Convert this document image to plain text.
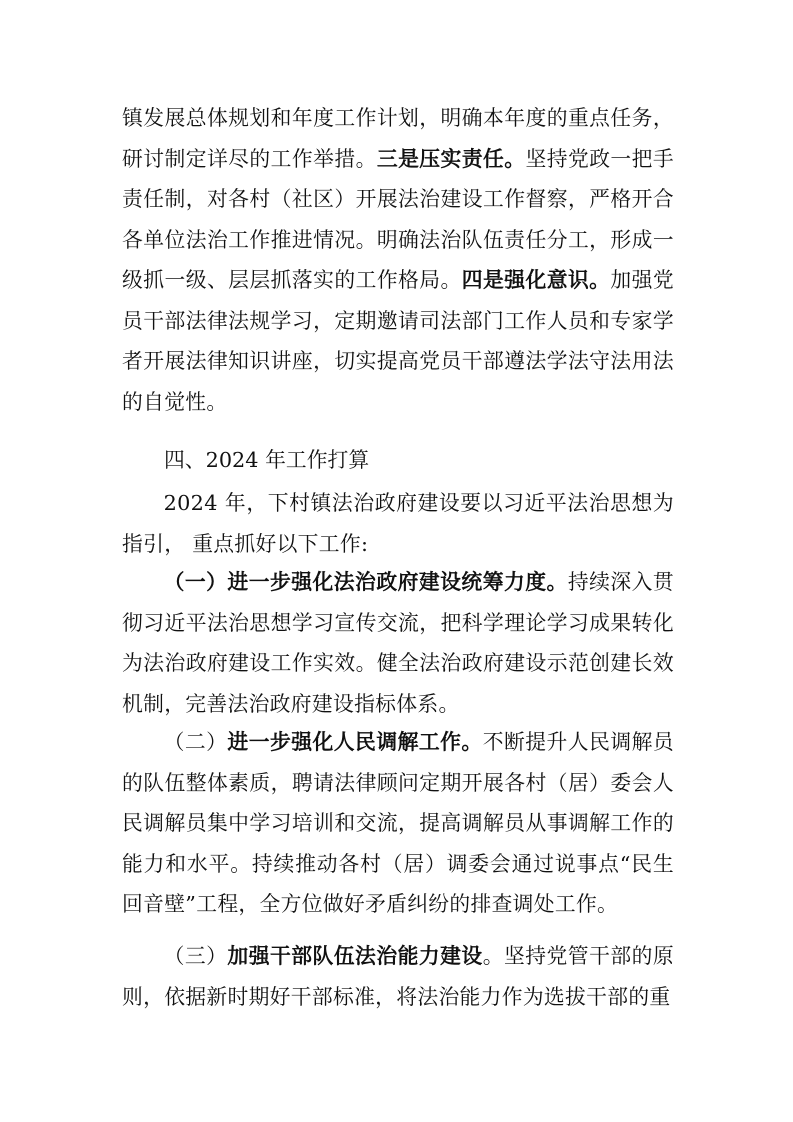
镇发展总体规划和年度工作计划，明确本年度的重点任务，研讨制定详尽的工作举措。三是压实责任。坚持党政一把手责任制，对各村（社区）开展法治建设工作督察，严格开合各单位法治工作推进情况。明确法治队伍责任分工，形成一级抓一级、层层抓落实的工作格局。四是强化意识。加强党员干部法律法规学习，定期邀请司法部门工作人员和专家学者开展法律知识讲座，切实提高党员干部遵法学法守法用法的自觉性。

四、2024 年工作打算

2024 年，下村镇法治政府建设要以习近平法治思想为指引， 重点抓好以下工作:

（一）进一步强化法治政府建设统筹力度。持续深入贯彻习近平法治思想学习宣传交流，把科学理论学习成果转化为法治政府建设工作实效。健全法治政府建设示范创建长效机制，完善法治政府建设指标体系。

（二）进一步强化人民调解工作。不断提升人民调解员的队伍整体素质，聘请法律顾问定期开展各村（居）委会人民调解员集中学习培训和交流，提高调解员从事调解工作的能力和水平。持续推动各村（居）调委会通过说事点“民生回音壁”工程，全方位做好矛盾纠纷的排查调处工作。

（三）加强干部队伍法治能力建设。坚持党管干部的原则，依据新时期好干部标准，将法治能力作为选拔干部的重
